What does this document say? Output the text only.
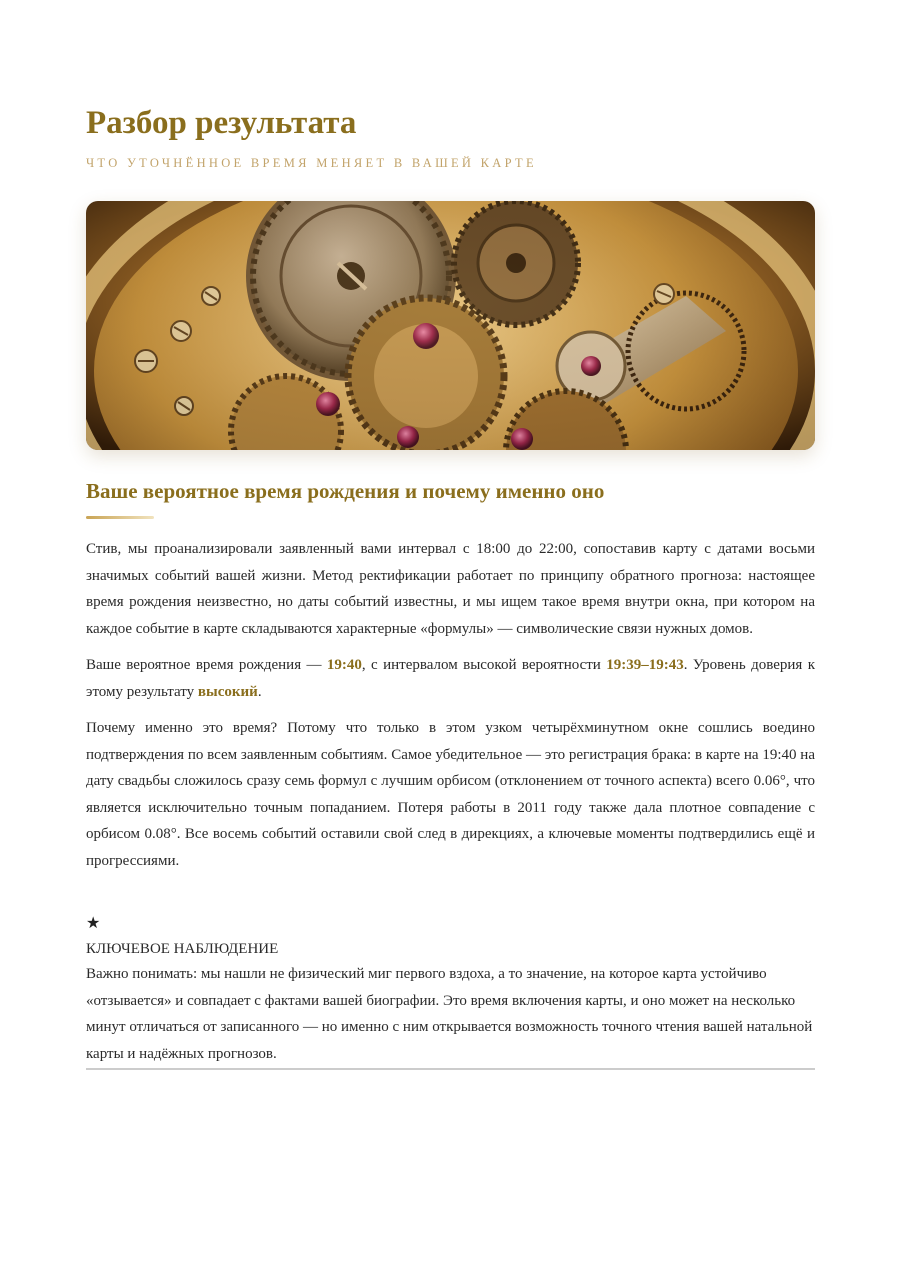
Разбор результата

ЧТО УТОЧНЁННОЕ ВРЕМЯ МЕНЯЕТ В ВАШЕЙ КАРТЕ

Ваше вероятное время рождения и почему именно оно

Стив, мы проанализировали заявленный вами интервал с 18:00 до 22:00, сопоставив карту с датами восьми значимых событий вашей жизни. Метод ректификации работает по принципу обратного прогноза: настоящее время рождения неизвестно, но даты событий известны, и мы ищем такое время внутри окна, при котором на каждое событие в карте складываются характерные «формулы» — символические связи нужных домов.

Ваше вероятное время рождения — 19:40, с интервалом высокой вероятности 19:39–19:43. Уровень доверия к этому результату высокий.

Почему именно это время? Потому что только в этом узком четырёхминутном окне сошлись воедино подтверждения по всем заявленным событиям. Самое убедительное — это регистрация брака: в карте на 19:40 на дату свадьбы сложилось сразу семь формул с лучшим орбисом (отклонением от точного аспекта) всего 0.06°, что является исключительно точным попаданием. Потеря работы в 2011 году также дала плотное совпадение с орбисом 0.08°. Все восемь событий оставили свой след в дирекциях, а ключевые моменты подтвердились ещё и прогрессиями.

★
КЛЮЧЕВОЕ НАБЛЮДЕНИЕ

Важно понимать: мы нашли не физический миг первого вздоха, а то значение, на которое карта устойчиво «отзывается» и совпадает с фактами вашей биографии. Это время включения карты, и оно может на несколько минут отличаться от записанного — но именно с ним открывается возможность точного чтения вашей натальной карты и надёжных прогнозов.
